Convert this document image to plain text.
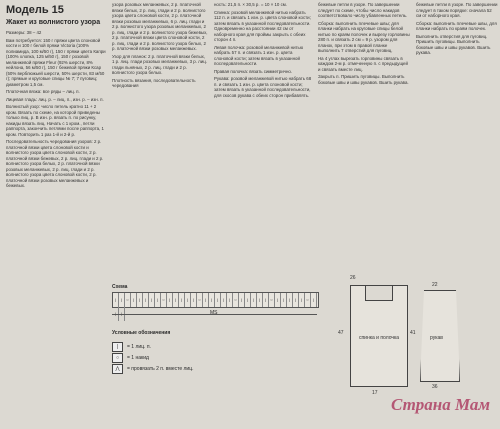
Модель 15
Жакет из волнистого узора

Размеры: 38 – 42

Вам потребуется: 150 г пряжи цвета слоновой кости и 100 г белой пряжи Victoria (100% полиамида, 100 м/50 г), 150 г пряжи цвета Капри (100% хлопка, 125 м/50 г), 150 г розовой меланжевой пряжи Fleur (92% шерсти, 8% нейлона, 56 м/50 г), 150 г бежевой пряжи Ксар (50% верблюжьей шерсти, 50% шерсти, 83 м/50 г); прямые и круговые спицы № 7; 7 пуговиц; диаметром 1,5 см.

Платочная вязка: все ряды – лиц. п.

Лицевая гладь: лиц. р. – лиц. п., изн. р. – изн. п.

Волнистый узор: число петель кратно 11 + 2 кром. Вязать по схеме, на которой приведены только лиц. р. В изн. р. вязать п. по рисунку, накиды вязать лиц. Начать с 1 кром., петли раппорта, закончить петлями после раппорта, 1 кром. Повторить 1 раз 1-й и 2-й р.

Последовательность чередования узоров: 2 р. платочной вязки цвета слоновой кости и волнистого узора цвета слоновой кости, 2 р. платочной вязки бежевых, 2 р. лиц. глади и 2 р. волнистого узора белых, 2 р. платочной вязки розовых меланжевых, 2 р. лиц. глади и 2 р. волнистого узора цвета слоновой кости, 2 р. платочной вязки розовых меланжевых и бежевых.

узора розовых меланжевых, 2 р. платочной вязки белых, 2 р. лиц. глади и 2 р. волнистого узора цвета слоновой кости, 2 р. платочной вязки розовых меланжевых, 6 р. лиц. глади и 2 р. волнистого узора розовых меланжевых, 2 р. лиц. глади и 2 р. волнистого узора бежевых, 2 р. платочной вязки цвета слоновой кости, 2 р. лиц. глади и 2 р. волнистого узора белых, 2 р. платочной вязки розовых меланжевых.

Узор для планок: 2 р. платочной вязки белых, 1 р. лиц. глади розовых меланжевых, 3 р. лиц. глади льняных, 2 р. лиц. глади и 2 р. волнистого узора белых.

Плотность вязания, последовательность чередования

ность: 21,5 п. × 30,5 р. = 10 × 10 см.

Спинка: розовой меланжевой нитью набрать 112 п. и связать 1 изн. р. цвета слоновой кости; затем вязать в указанной последовательности. Одновременно на расстоянии 42 см от наборного края для проймы закрыть с обеих сторон 4 п.

Левая полочка: розовой меланжевой нитью набрать 57 п. и связать 1 изн. р. цвета слоновой кости; затем вязать в указанной последовательности.

Правая полочка: вязать симметрично.

Рукава: розовой меланжевой нитью набрать 68 п. и связать 1 изн. р. цвета слоновой кости; затем вязать в указанной последовательности, для скосов рукава с обеих сторон прибавлять.

бежевые петли в узоре. По завершении следует по схеме, чтобы число накидов соответствовало числу убавленных петель.

Сборка: выполнить плечевые швы; для планки набрать на круговые спицы белой нитью по краям полочек и вырезу горловины 280 п. и связать 2 см = 9 р. узором для планок, при этом в правой планке выполнить 7 отверстий для пуговиц.

На 4 углах вырезать горловины связать в каждом 2-м р. отмеченную п. с предыдущей и связать вместе лиц.

Закрыть п. Пришить пуговицы. Выполнить боковые швы и швы рукавов. Вшить рукава.

бежевые петли в узоре. По завершении следует в таком порядке: сначала 52 см от наборного края.

Сборка: выполнить плечевые швы, для планки набрать по краям полочек.

Выполнить отверстия для пуговиц. Пришить пуговицы. Выполнить боковые швы и швы рукавов. Вшить рукава.

Схема
|	|	○	|	|	|	|	|	○	|	|	|	|	|	○	|	|	|	|	|	○	|	|	|	|	|	○	|	|	|	|	|	○	|
|	|	MS
Условные обозначения
|	= 1 лиц. п.
○	= 1 накид
⋀	= провязать 2 п. вместе лиц.
спинка и полочка
47
17
26
рукав
41
22
36
Страна Мам
